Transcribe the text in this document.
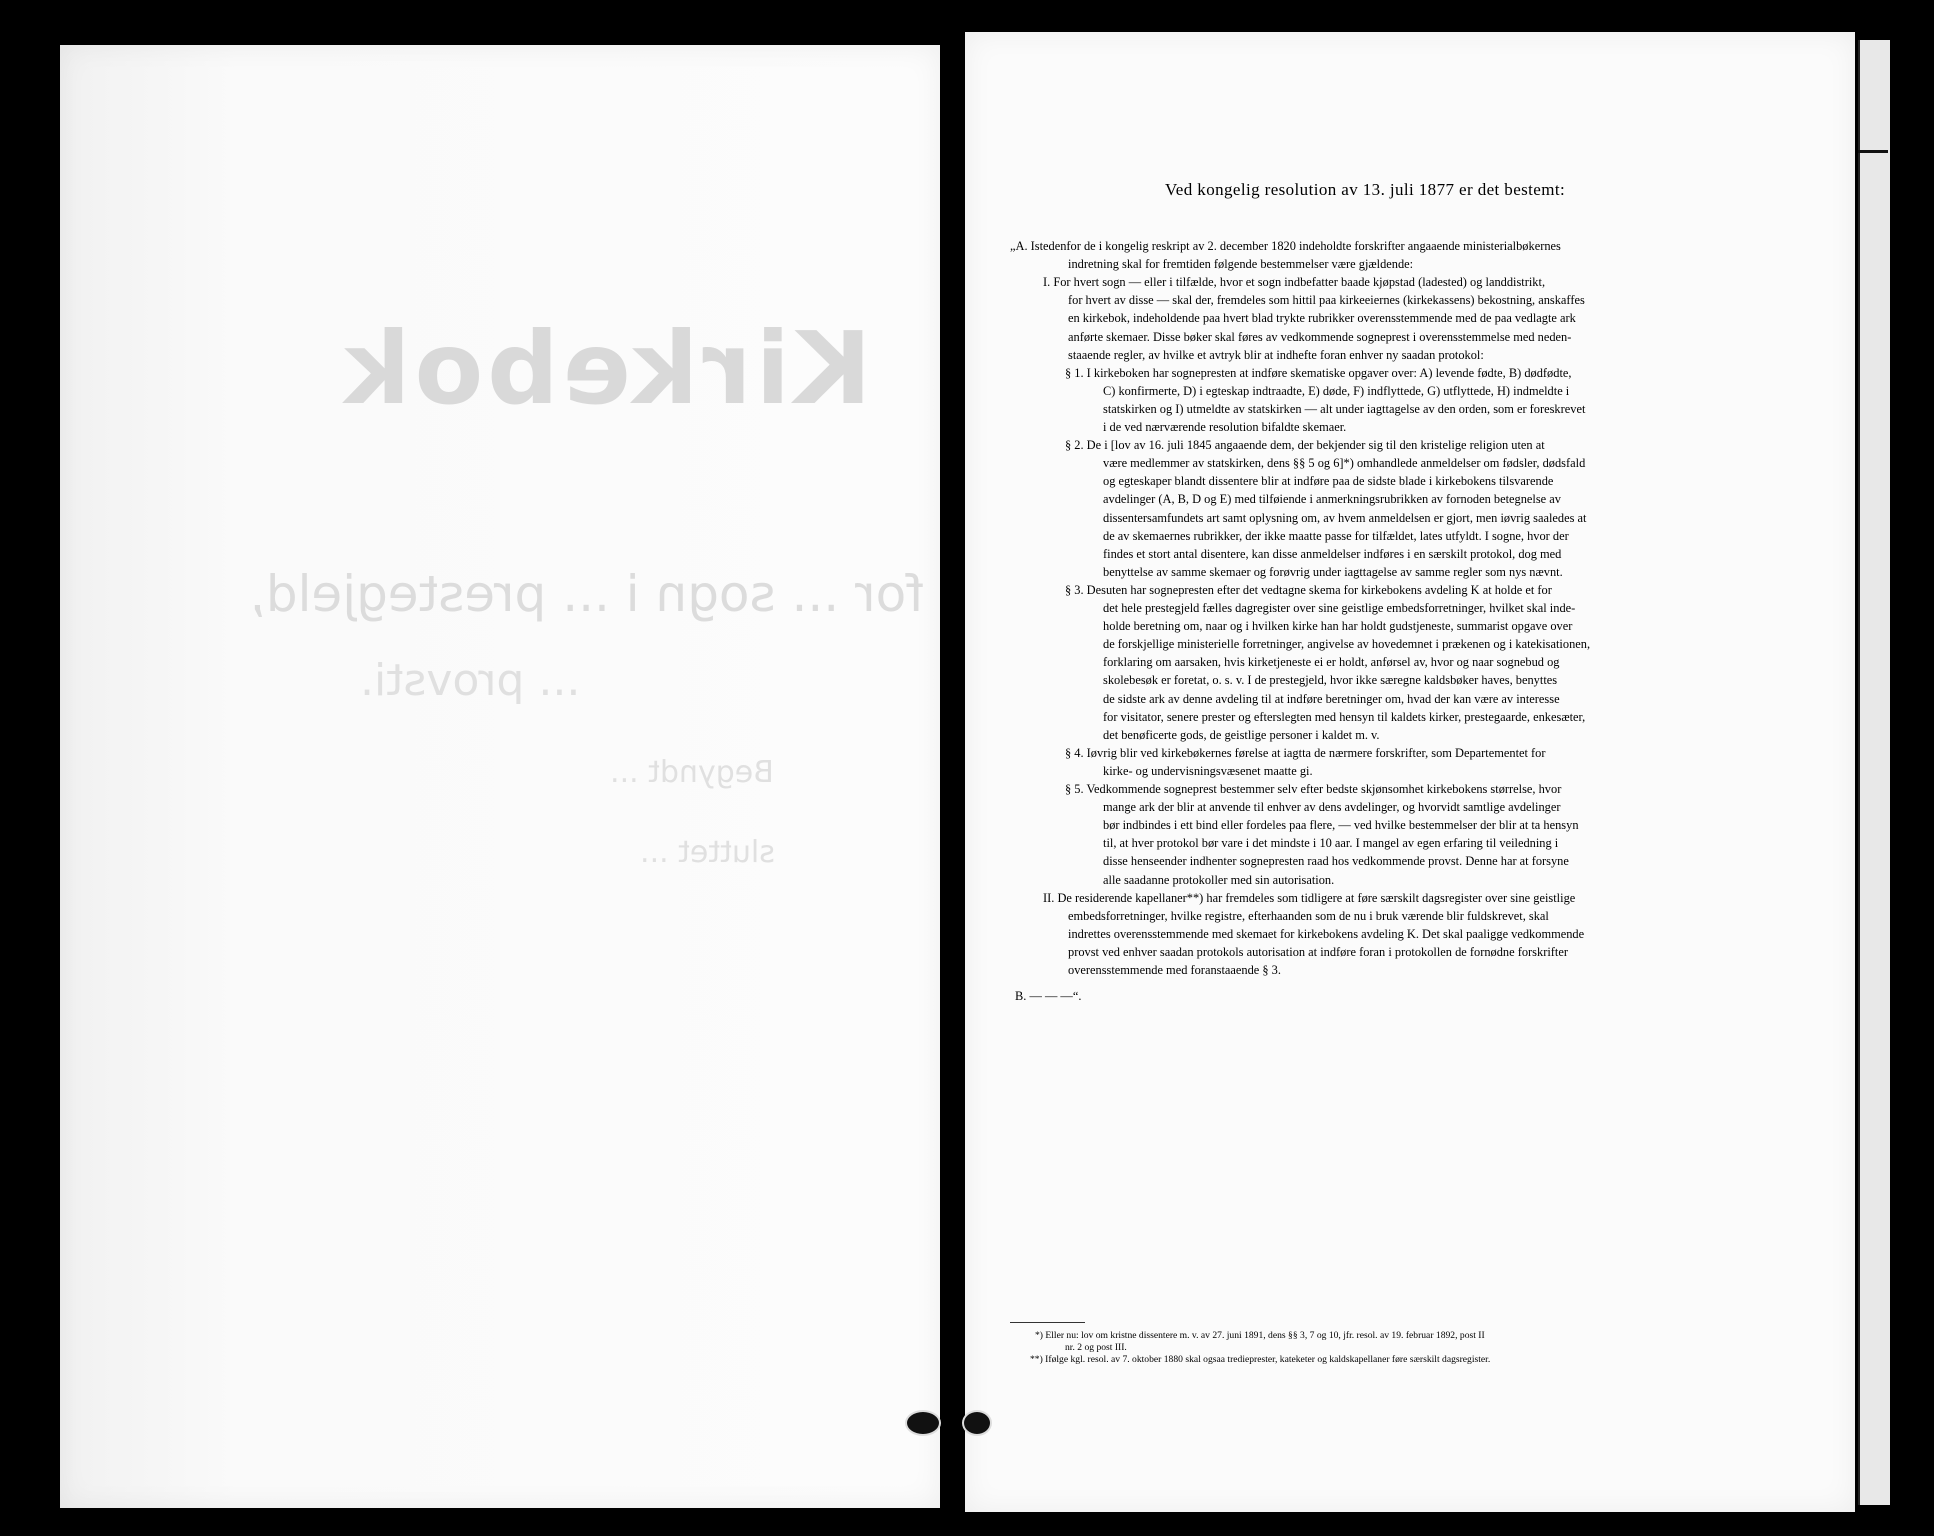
Kirkebok
for ... sogn i ... prestegjeld,
... provsti.
Begyndt ...
sluttet ...
Ved kongelig resolution av 13. juli 1877 er det bestemt:
„A. Istedenfor de i kongelig reskript av 2. december 1820 indeholdte forskrifter angaaende ministerialbøkernes
indretning skal for fremtiden følgende bestemmelser være gjældende:
I. For hvert sogn — eller i tilfælde, hvor et sogn indbefatter baade kjøpstad (ladested) og landdistrikt,
for hvert av disse — skal der, fremdeles som hittil paa kirkeeiernes (kirkekassens) bekostning, anskaffes
en kirkebok, indeholdende paa hvert blad trykte rubrikker overensstemmende med de paa vedlagte ark
anførte skemaer. Disse bøker skal føres av vedkommende sogneprest i overensstemmelse med neden-
staaende regler, av hvilke et avtryk blir at indhefte foran enhver ny saadan protokol:
§ 1. I kirkeboken har sognepresten at indføre skematiske opgaver over: A) levende fødte, B) dødfødte,
C) konfirmerte, D) i egteskap indtraadte, E) døde, F) indflyttede, G) utflyttede, H) indmeldte i
statskirken og I) utmeldte av statskirken — alt under iagttagelse av den orden, som er foreskrevet
i de ved nærværende resolution bifaldte skemaer.
§ 2. De i [lov av 16. juli 1845 angaaende dem, der bekjender sig til den kristelige religion uten at
være medlemmer av statskirken, dens §§ 5 og 6]*) omhandlede anmeldelser om fødsler, dødsfald
og egteskaper blandt dissentere blir at indføre paa de sidste blade i kirkebokens tilsvarende
avdelinger (A, B, D og E) med tilføiende i anmerkningsrubrikken av fornoden betegnelse av
dissentersamfundets art samt oplysning om, av hvem anmeldelsen er gjort, men iøvrig saaledes at
de av skemaernes rubrikker, der ikke maatte passe for tilfældet, lates utfyldt. I sogne, hvor der
findes et stort antal disentere, kan disse anmeldelser indføres i en særskilt protokol, dog med
benyttelse av samme skemaer og forøvrig under iagttagelse av samme regler som nys nævnt.
§ 3. Desuten har sognepresten efter det vedtagne skema for kirkebokens avdeling K at holde et for
det hele prestegjeld fælles dagregister over sine geistlige embedsforretninger, hvilket skal inde-
holde beretning om, naar og i hvilken kirke han har holdt gudstjeneste, summarist opgave over
de forskjellige ministerielle forretninger, angivelse av hovedemnet i prækenen og i katekisationen,
forklaring om aarsaken, hvis kirketjeneste ei er holdt, anførsel av, hvor og naar sognebud og
skolebesøk er foretat, o. s. v. I de prestegjeld, hvor ikke særegne kaldsbøker haves, benyttes
de sidste ark av denne avdeling til at indføre beretninger om, hvad der kan være av interesse
for visitator, senere prester og efterslegten med hensyn til kaldets kirker, prestegaarde, enkesæter,
det benøficerte gods, de geistlige personer i kaldet m. v.
§ 4. Iøvrig blir ved kirkebøkernes førelse at iagtta de nærmere forskrifter, som Departementet for
kirke- og undervisningsvæsenet maatte gi.
§ 5. Vedkommende sogneprest bestemmer selv efter bedste skjønsomhet kirkebokens størrelse, hvor
mange ark der blir at anvende til enhver av dens avdelinger, og hvorvidt samtlige avdelinger
bør indbindes i ett bind eller fordeles paa flere, — ved hvilke bestemmelser der blir at ta hensyn
til, at hver protokol bør vare i det mindste i 10 aar. I mangel av egen erfaring til veiledning i
disse henseender indhenter sognepresten raad hos vedkommende provst. Denne har at forsyne
alle saadanne protokoller med sin autorisation.
II. De residerende kapellaner**) har fremdeles som tidligere at føre særskilt dagsregister over sine geistlige
embedsforretninger, hvilke registre, efterhaanden som de nu i bruk værende blir fuldskrevet, skal
indrettes overensstemmende med skemaet for kirkebokens avdeling K. Det skal paaligge vedkommende
provst ved enhver saadan protokols autorisation at indføre foran i protokollen de fornødne forskrifter
overensstemmende med foranstaaende § 3.
B. — — —“.
*) Eller nu: lov om kristne dissentere m. v. av 27. juni 1891, dens §§ 3, 7 og 10, jfr. resol. av 19. februar 1892, post II
nr. 2 og post III.
**) Ifølge kgl. resol. av 7. oktober 1880 skal ogsaa tredieprester, kateketer og kaldskapellaner føre særskilt dagsregister.
